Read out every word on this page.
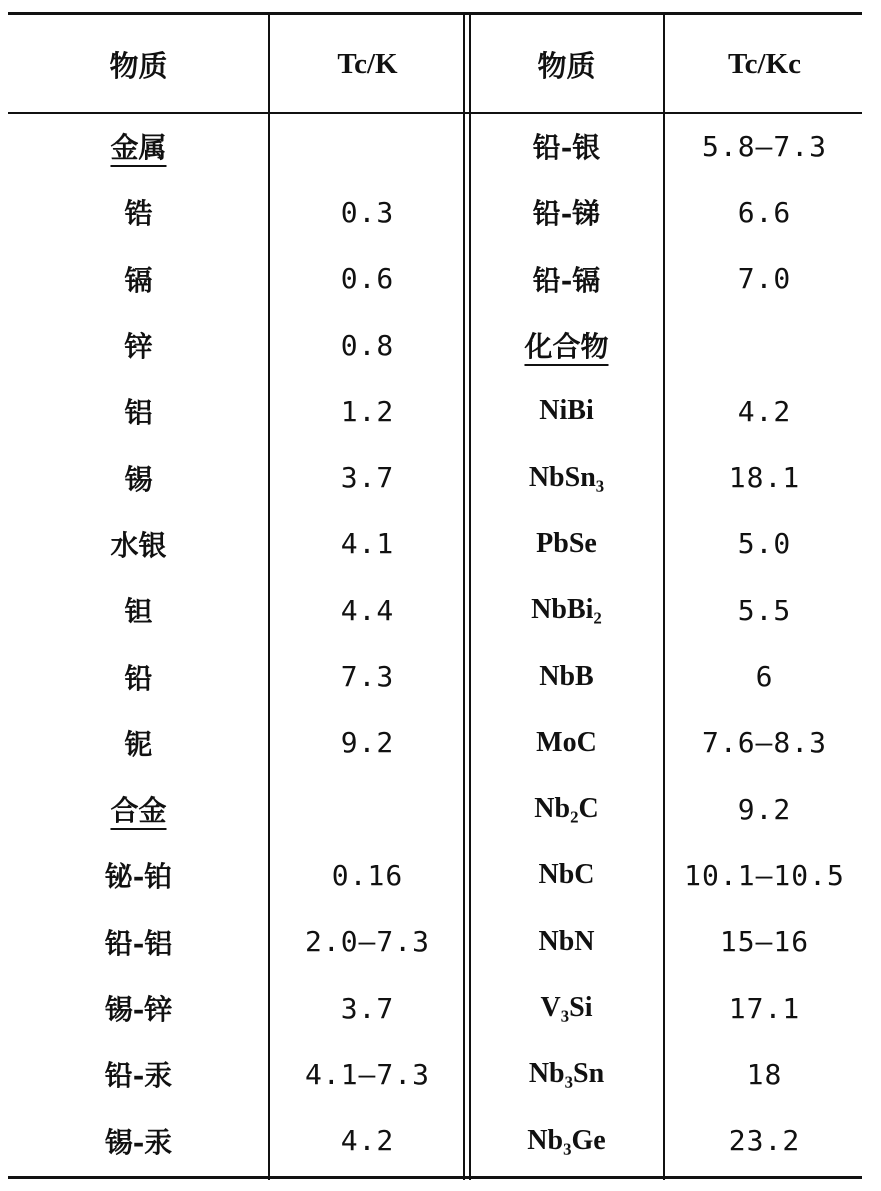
物质	Tc/K	物质	Tc/Kc
金属		铅-银	5.8—7.3
锆	0.3	铅-锑	6.6
镉	0.6	铅-镉	7.0
锌	0.8	化合物	
铝	1.2	NiBi	4.2
锡	3.7	NbSn₃	18.1
水银	4.1	PbSe	5.0
钽	4.4	NbBi₂	5.5
铅	7.3	NbB	6
铌	9.2	MoC	7.6—8.3
合金		Nb₂C	9.2
铋-铂	0.16	NbC	10.1—10.5
铅-铝	2.0—7.3	NbN	15—16
锡-锌	3.7	V₃Si	17.1
铅-汞	4.1—7.3	Nb₃Sn	18
锡-汞	4.2	Nb₃Ge	23.2
